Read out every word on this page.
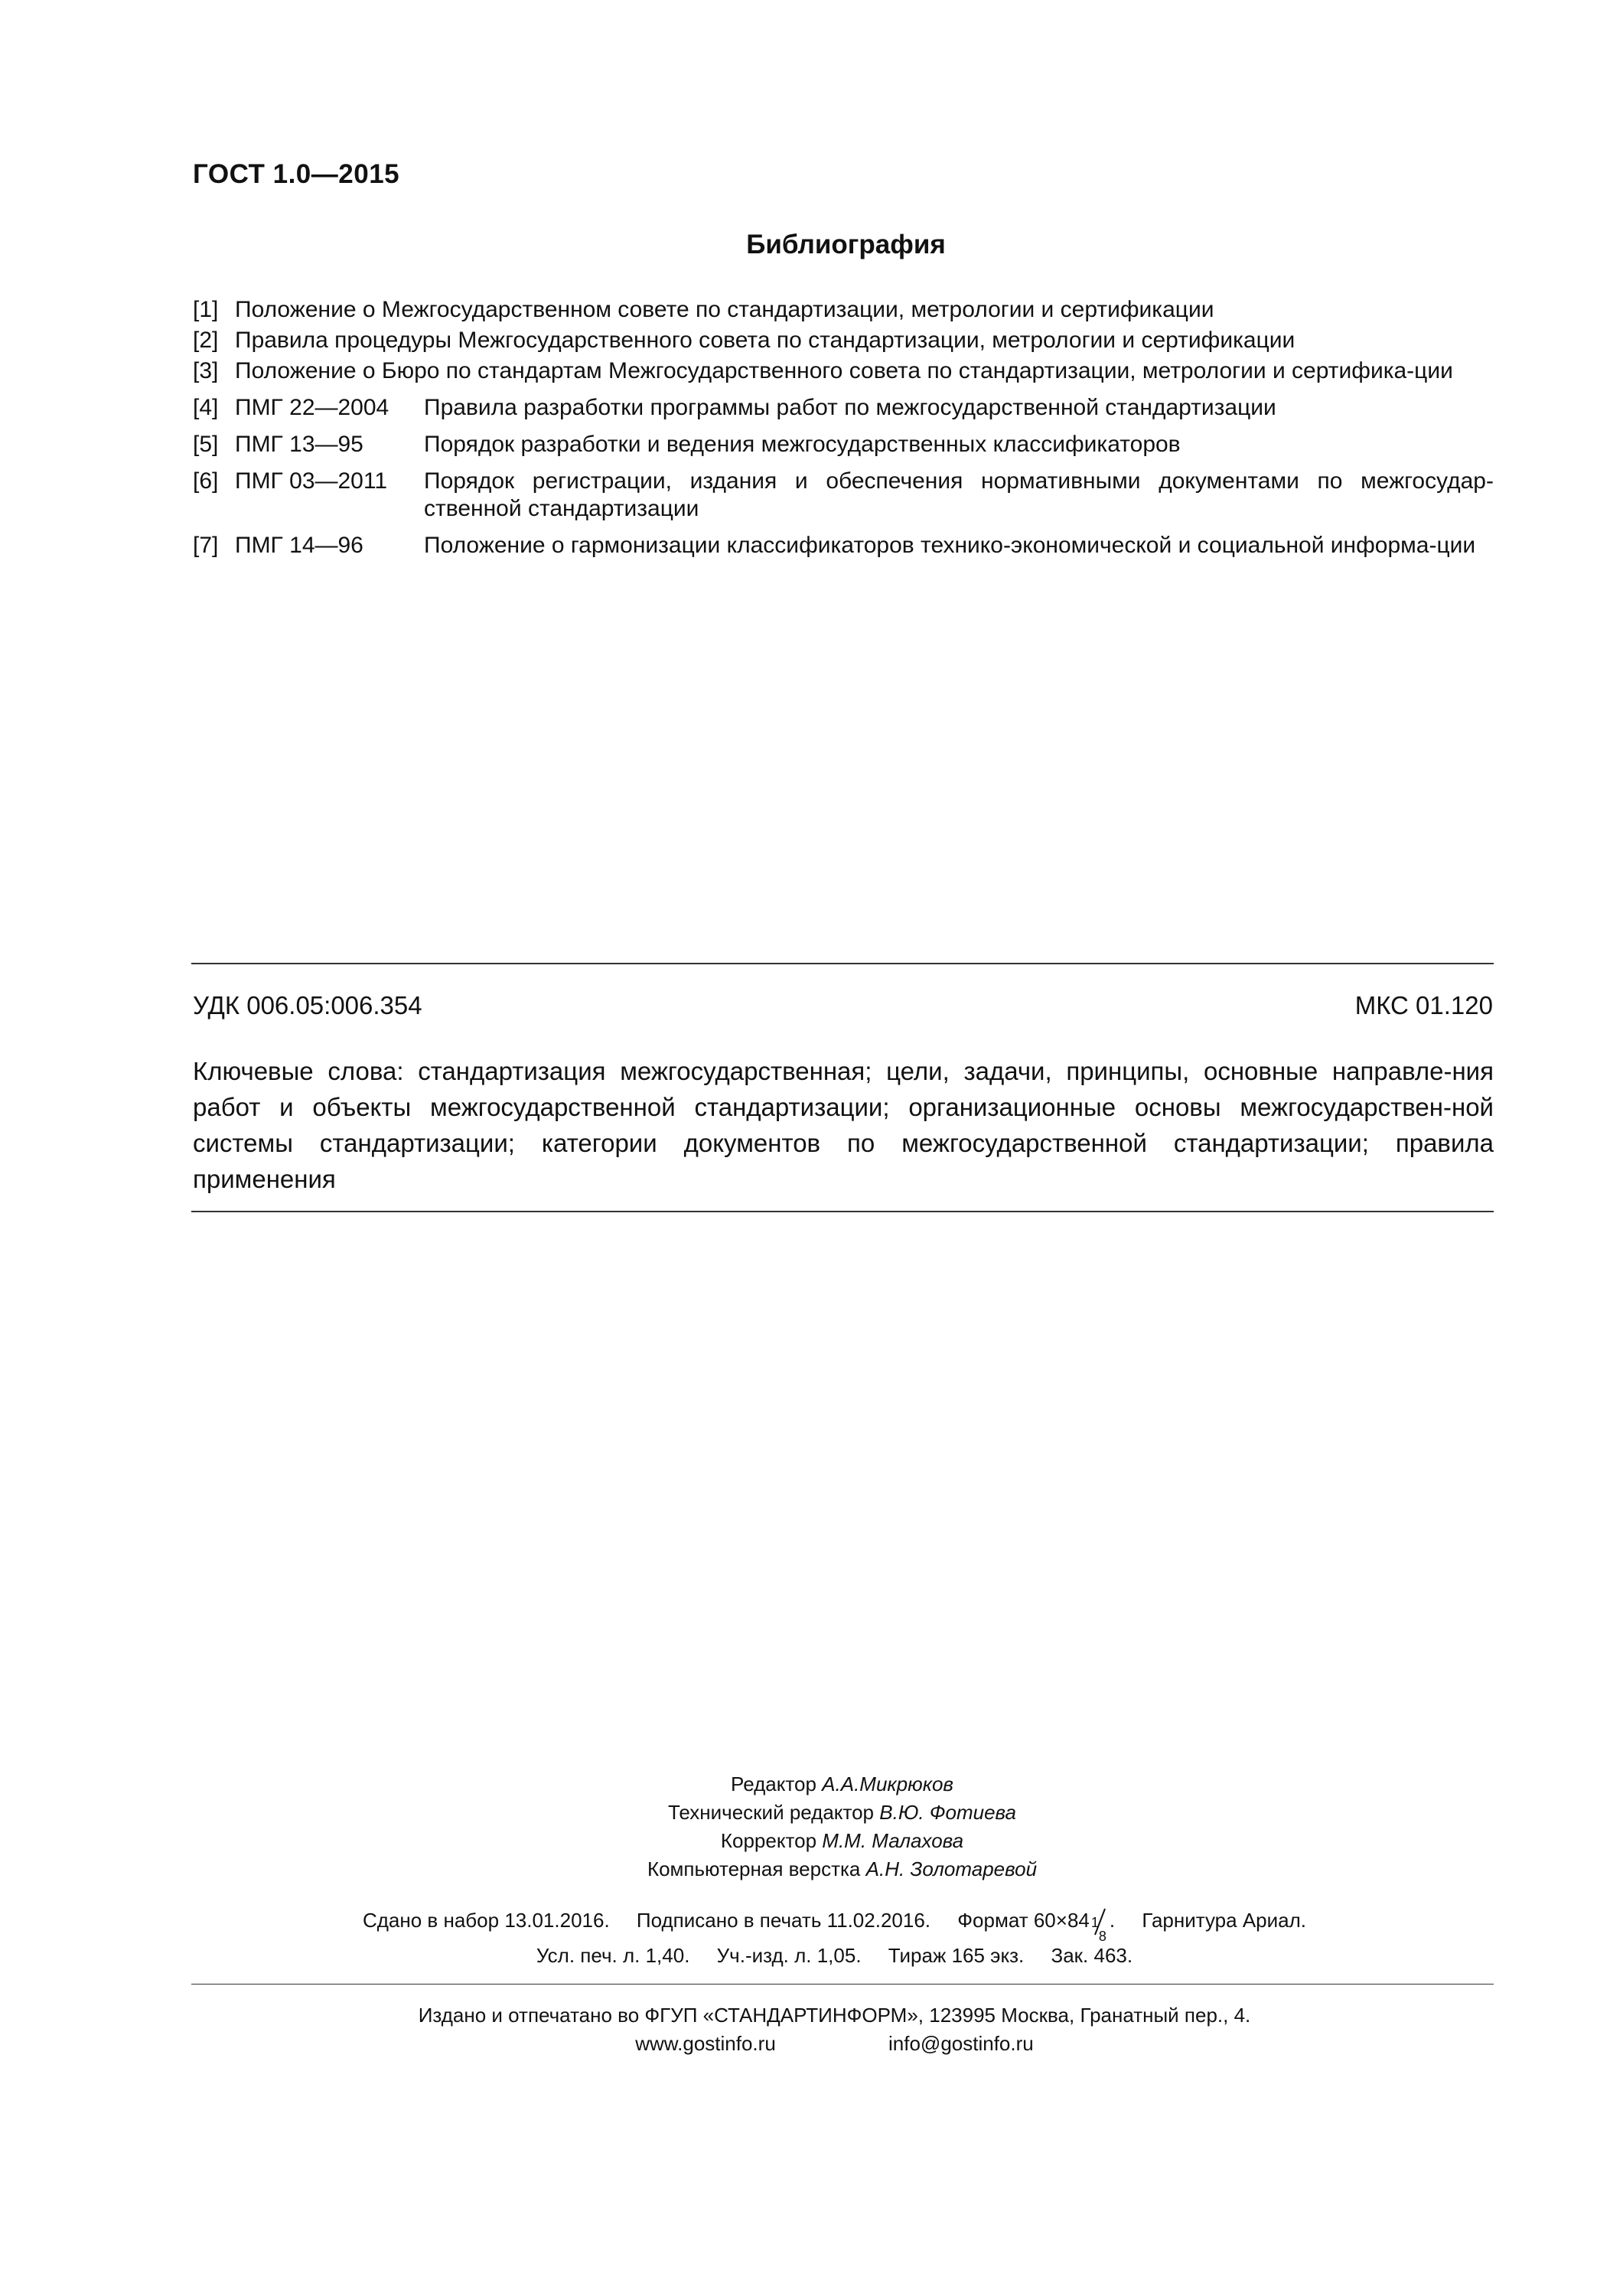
ГОСТ 1.0—2015
Библиография
[1] Положение о Межгосударственном совете по стандартизации, метрологии и сертификации
[2] Правила процедуры Межгосударственного совета по стандартизации, метрологии и сертификации
[3] Положение о Бюро по стандартам Межгосударственного совета по стандартизации, метрологии и сертифика-ции
[4] ПМГ 22—2004	Правила разработки программы работ по межгосударственной стандартизации
[5] ПМГ 13—95	Порядок разработки и ведения межгосударственных классификаторов
[6] ПМГ 03—2011	Порядок регистрации, издания и обеспечения нормативными документами по межгосудар-ственной стандартизации
[7] ПМГ 14—96	Положение о гармонизации классификаторов технико-экономической и социальной информа-ции
УДК 006.05:006.354	МКС 01.120
Ключевые слова: стандартизация межгосударственная; цели, задачи, принципы, основные направле-ния работ и объекты межгосударственной стандартизации; организационные основы межгосударствен-ной системы стандартизации; категории документов по межгосударственной стандартизации; правила применения
Редактор А.А.Микрюков
Технический редактор В.Ю. Фотиева
Корректор М.М. Малахова
Компьютерная верстка А.Н. Золотаревой
Сдано в набор 13.01.2016. Подписано в печать 11.02.2016. Формат 60×84 1
8
. Гарнитура Ариал.
Усл. печ. л. 1,40. Уч.-изд. л. 1,05. Тираж 165 экз. Зак. 463.
Издано и отпечатано во ФГУП «СТАНДАРТИНФОРМ», 123995 Москва, Гранатный пер., 4.
www.gostinfo.ru	info@gostinfo.ru
